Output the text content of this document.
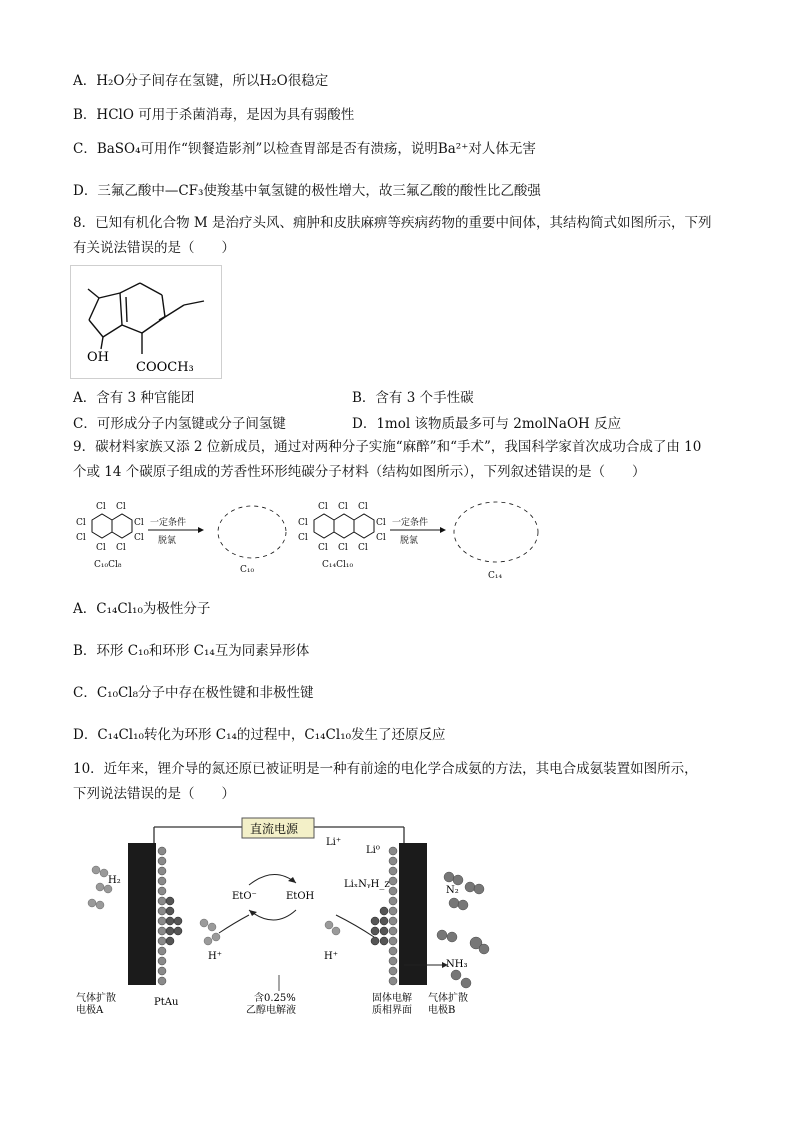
A．H₂O分子间存在氢键，所以H₂O很稳定
B．HClO 可用于杀菌消毒，是因为具有弱酸性
C．BaSO₄可用作“钡餐造影剂”以检查胃部是否有溃疡，说明Ba²⁺对人体无害
D．三氟乙酸中—CF₃使羧基中氧氢键的极性增大，故三氟乙酸的酸性比乙酸强
8．已知有机化合物 M 是治疗头风、痈肿和皮肤麻痹等疾病药物的重要中间体，其结构简式如图所示，下列
有关说法错误的是（　　）
OH
COOCH₃
A．含有 3 种官能团	B．含有 3 个手性碳
C．可形成分子内氢键或分子间氢键	D．1mol 该物质最多可与 2molNaOH 反应
9．碳材料家族又添 2 位新成员，通过对两种分子实施“麻醉”和“手术”，我国科学家首次成功合成了由 10
个或 14 个碳原子组成的芳香性环形纯碳分子材料（结构如图所示），下列叙述错误的是（　　）
Cl
Cl Cl
Cl
Cl
Cl Cl
Cl
C₁₀Cl₈
一定条件
脱氯
C₁₀
Cl
Cl Cl Cl
Cl
Cl
Cl Cl Cl
Cl
C₁₄Cl₁₀
一定条件
脱氯
C₁₄
A．C₁₄Cl₁₀为极性分子
B．环形 C₁₀和环形 C₁₄互为同素异形体
C．C₁₀Cl₈分子中存在极性键和非极性键
D．C₁₄Cl₁₀转化为环形 C₁₄的过程中，C₁₄Cl₁₀发生了还原反应
10．近年来，锂介导的氮还原已被证明是一种有前途的电化学合成氨的方法，其电合成氨装置如图所示，
下列说法错误的是（　　）
直流电源
Li⁺
Li⁰
LiₓNᵧH_z
H₂
N₂
NH₃
EtO⁻	EtOH
H⁺	H⁺
气体扩散
电极A
PtAu	含0.25%
乙醇电解液
固体电解
质相界面
气体扩散
电极B
